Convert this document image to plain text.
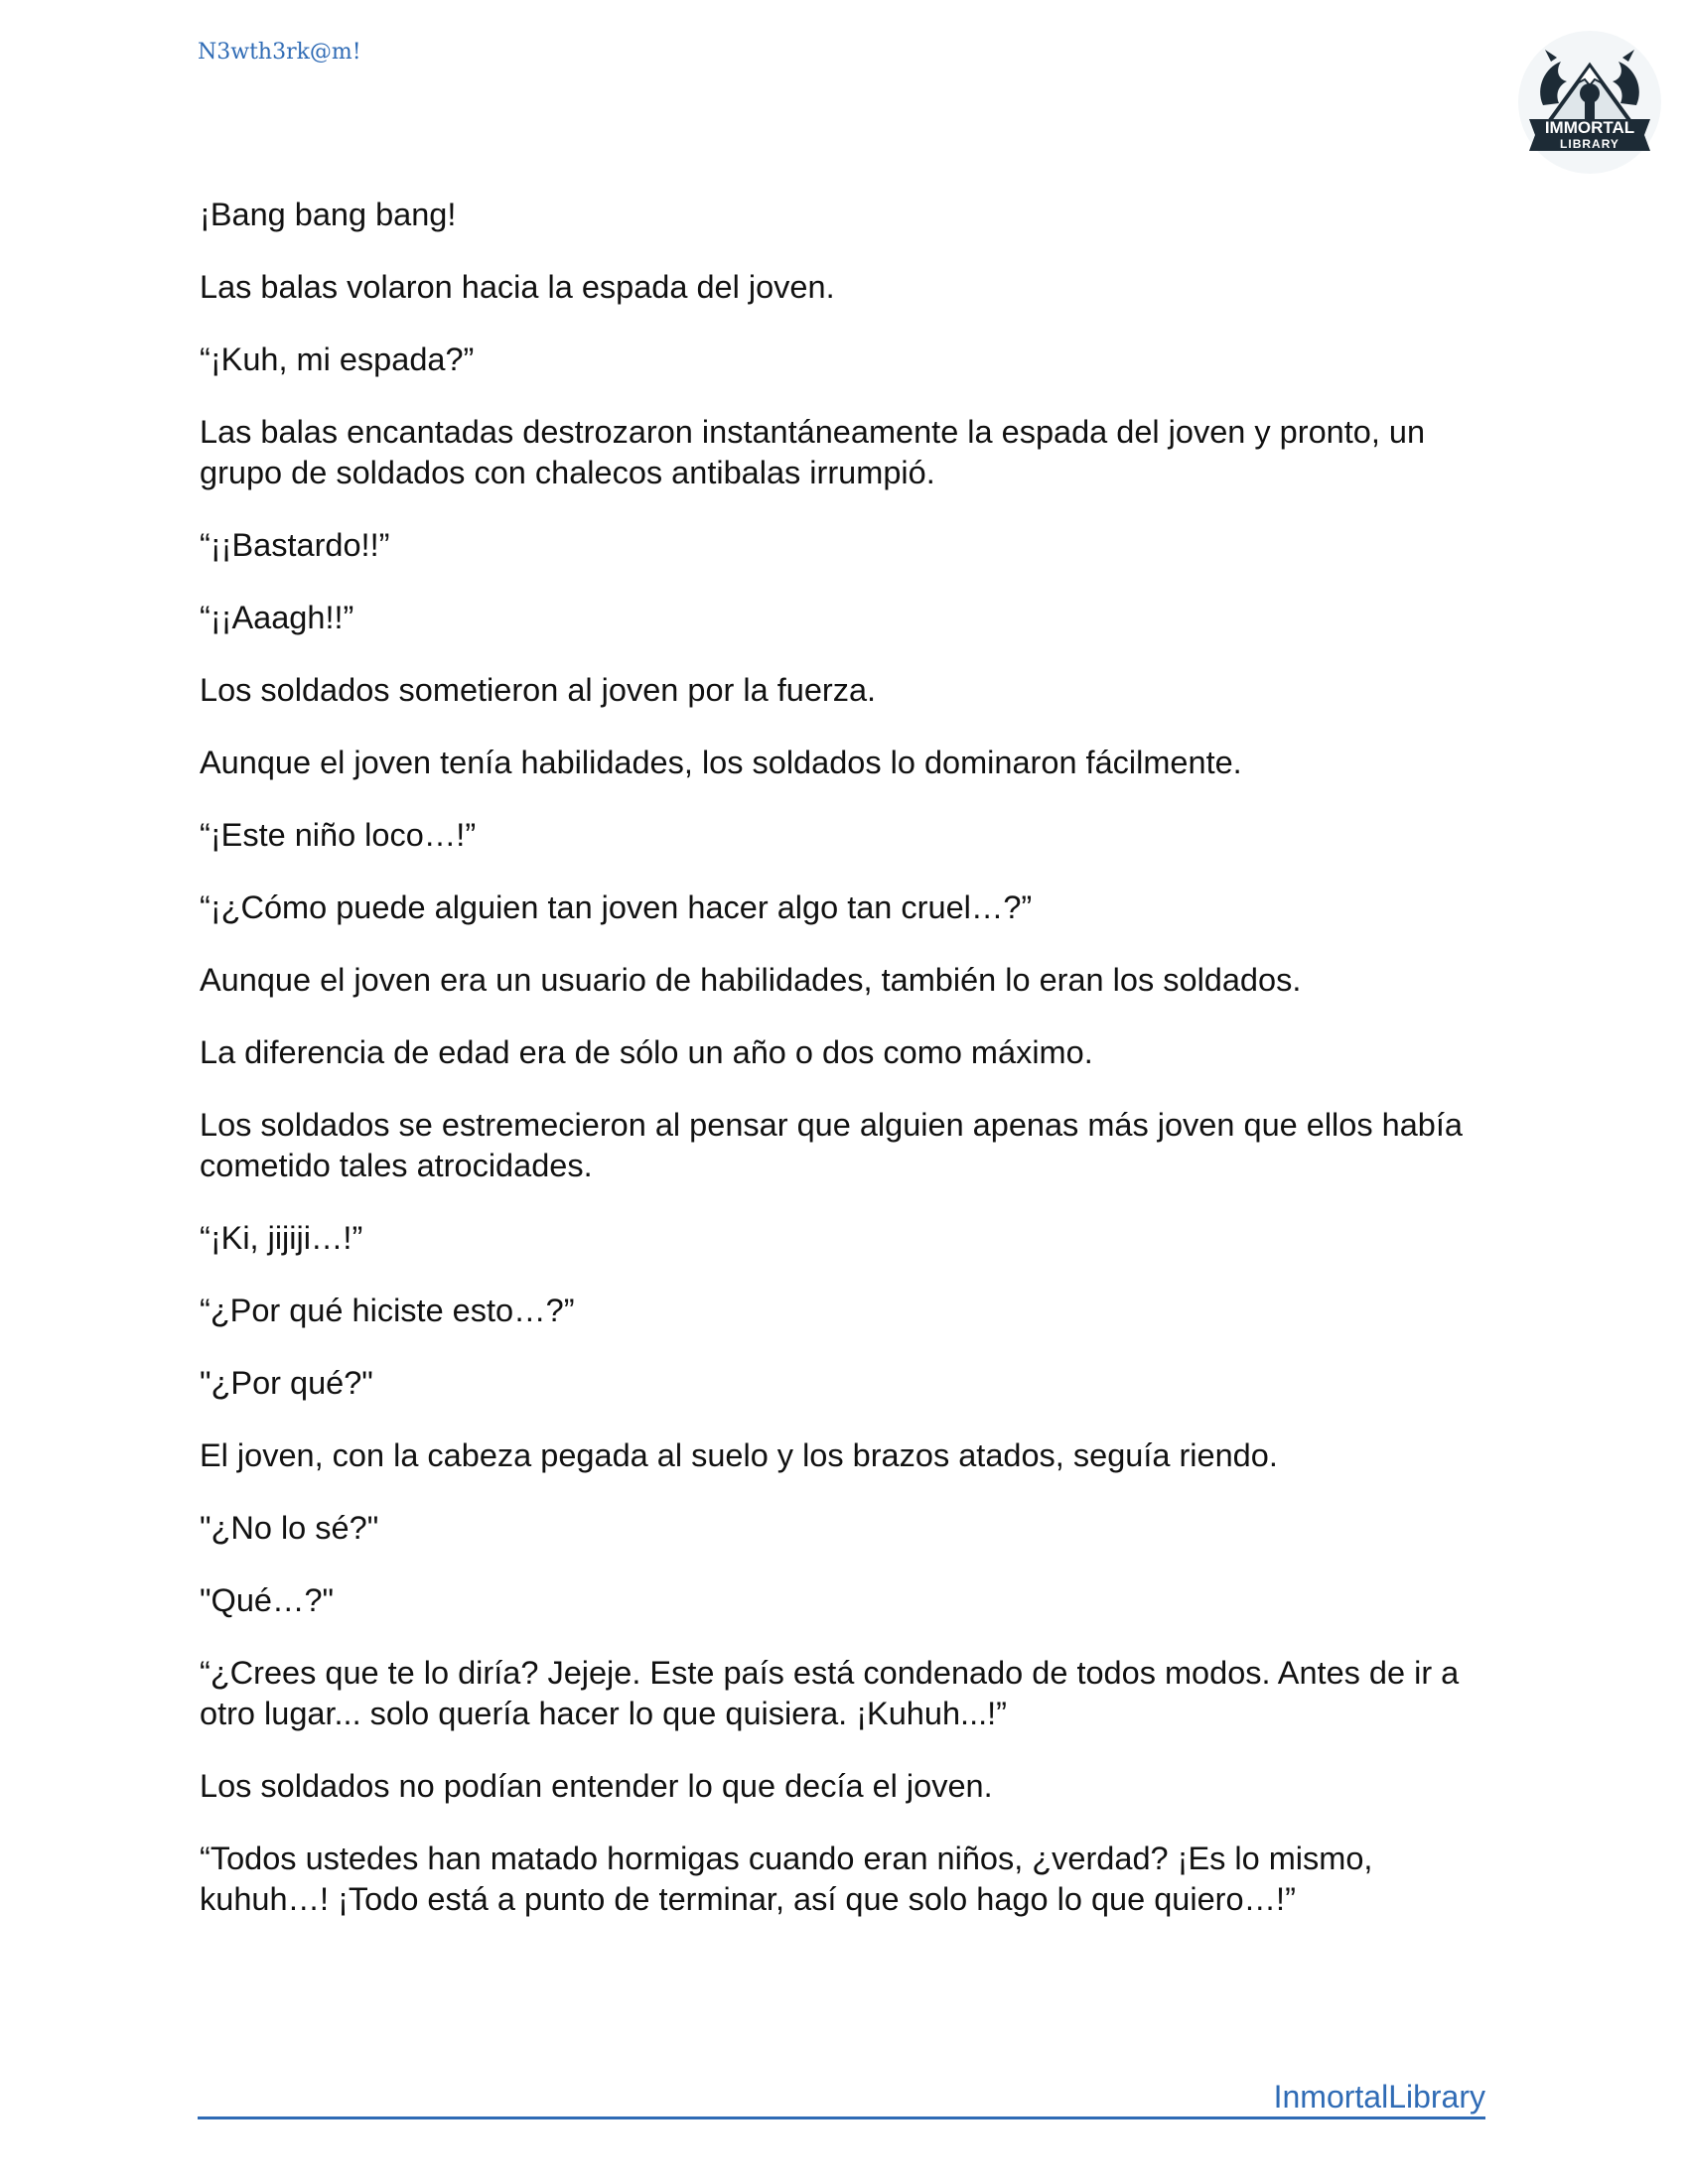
N3wth3rk@m!
IMMORTAL
LIBRARY

¡Bang bang bang!

Las balas volaron hacia la espada del joven.

“¡Kuh, mi espada?”

Las balas encantadas destrozaron instantáneamente la espada del joven y pronto, un grupo de soldados con chalecos antibalas irrumpió.

“¡¡Bastardo!!”

“¡¡Aaagh!!”

Los soldados sometieron al joven por la fuerza.

Aunque el joven tenía habilidades, los soldados lo dominaron fácilmente.

“¡Este niño loco…!”

“¡¿Cómo puede alguien tan joven hacer algo tan cruel…?”

Aunque el joven era un usuario de habilidades, también lo eran los soldados.

La diferencia de edad era de sólo un año o dos como máximo.

Los soldados se estremecieron al pensar que alguien apenas más joven que ellos había cometido tales atrocidades.

“¡Ki, jijiji…!”

“¿Por qué hiciste esto…?”

"¿Por qué?"

El joven, con la cabeza pegada al suelo y los brazos atados, seguía riendo.

"¿No lo sé?"

"Qué…?"

“¿Crees que te lo diría? Jejeje. Este país está condenado de todos modos. Antes de ir a otro lugar... solo quería hacer lo que quisiera. ¡Kuhuh...!”

Los soldados no podían entender lo que decía el joven.

“Todos ustedes han matado hormigas cuando eran niños, ¿verdad? ¡Es lo mismo, kuhuh…! ¡Todo está a punto de terminar, así que solo hago lo que quiero…!”

InmortalLibrary
